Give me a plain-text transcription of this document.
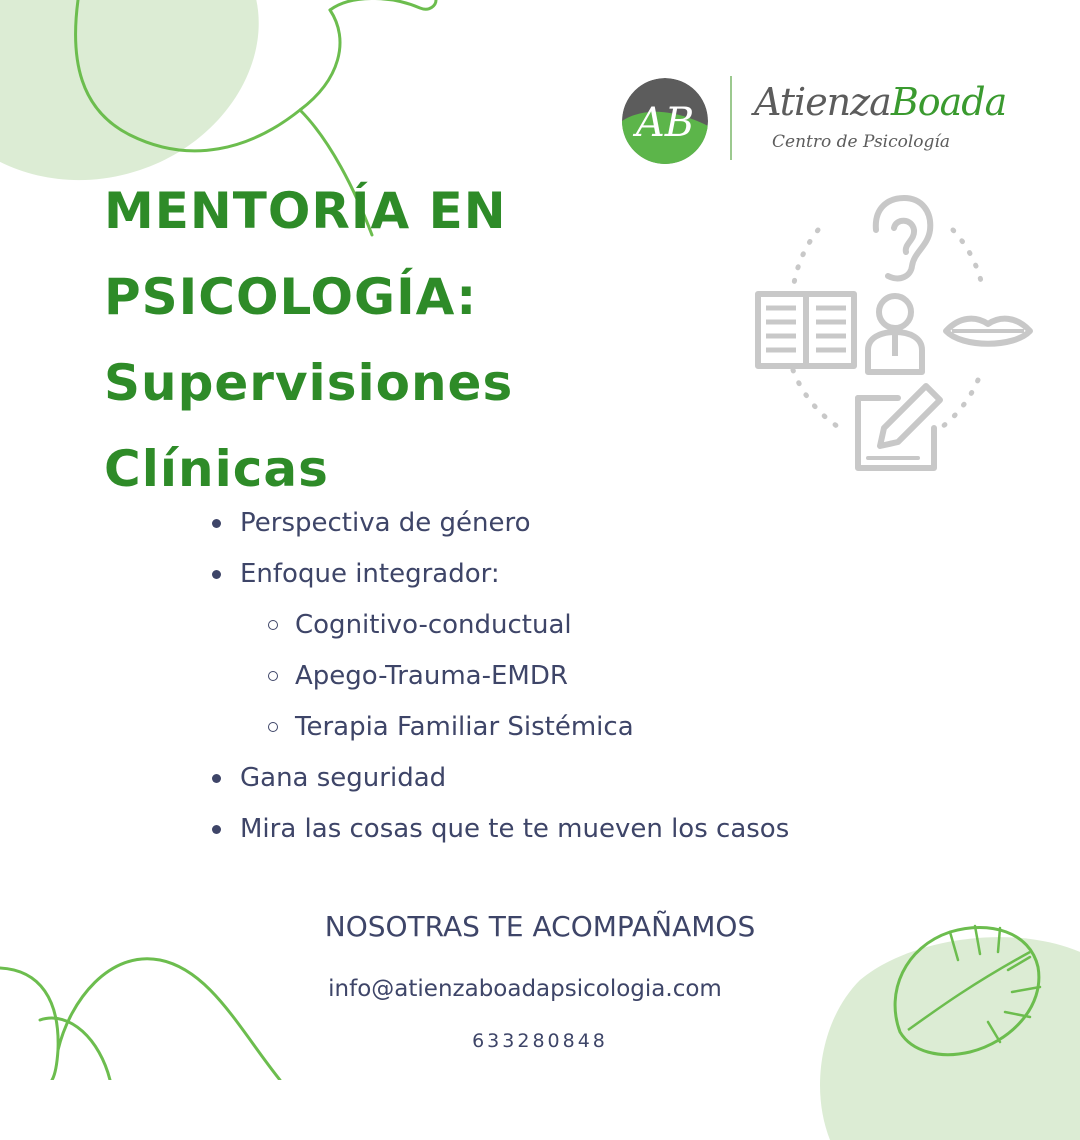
AB AtienzaBoada
Centro de Psicología
MENTORÍA EN
PSICOLOGÍA:
Supervisiones
Clínicas
Perspectiva de género
Enfoque integrador:
Cognitivo-conductual
Apego-Trauma-EMDR
Terapia Familiar Sistémica
Gana seguridad
Mira las cosas que te te mueven los casos
NOSOTRAS TE ACOMPAÑAMOS
info@atienzaboadapsicologia.com
633280848
